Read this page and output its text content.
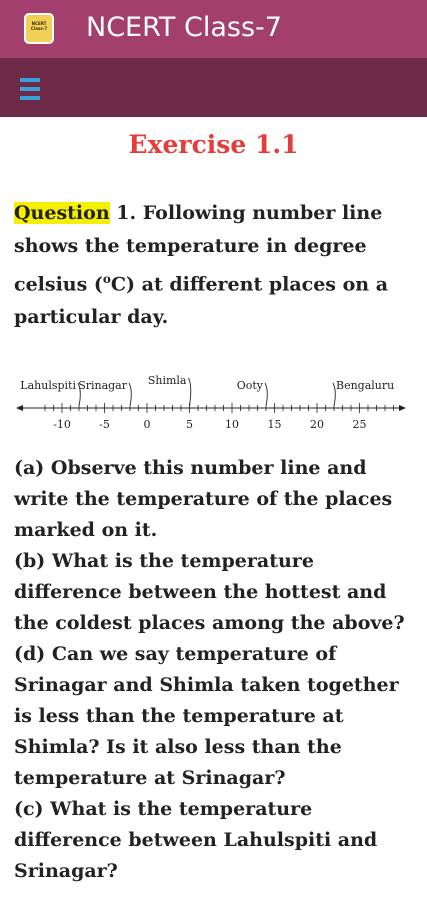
NCERT Class-7 NCERT Class-7
Exercise 1.1
Question 1. Following number line shows the temperature in degree celsius ($^o$C) at different places on a particular day.
-10	-5	0	5	10	15	20	25
Lahulspiti Srinagar Shimla	Ooty	Bengaluru
(a) Observe this number line and write the temperature of the places marked on it.
(b) What is the temperature difference between the hottest and the coldest places among the above?
(d) Can we say temperature of Srinagar and Shimla taken together is less than the temperature at Shimla? Is it also less than the temperature at Srinagar?
(c) What is the temperature difference between Lahulspiti and Srinagar?
